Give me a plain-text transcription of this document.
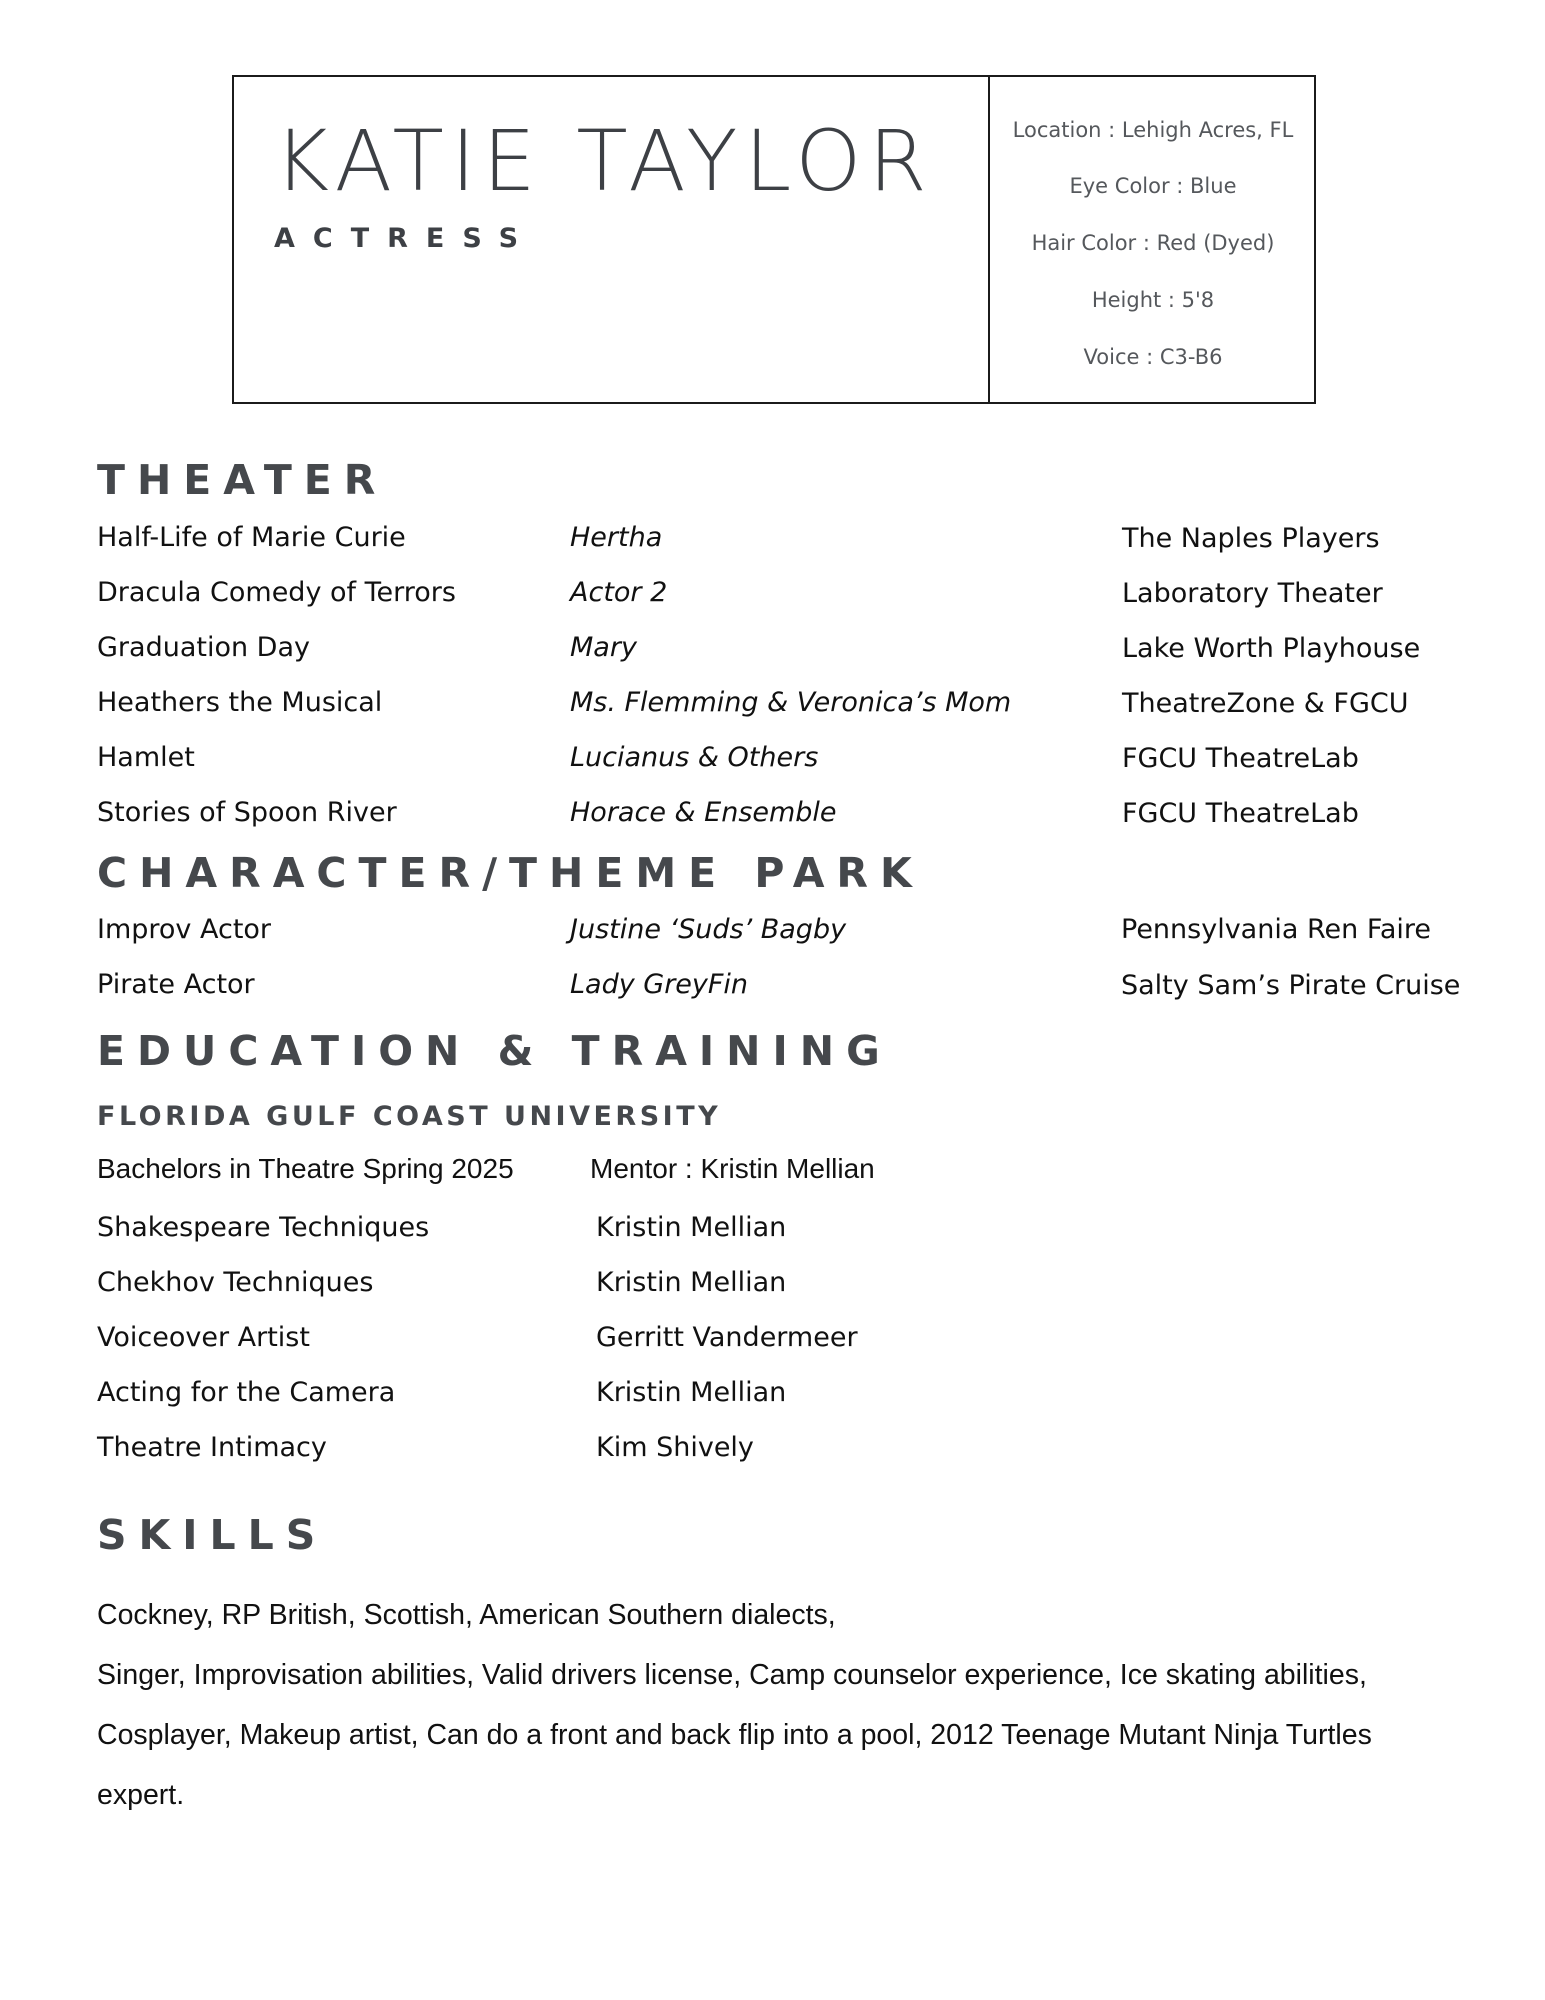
KATIE TAYLOR
ACTRESS
Location : Lehigh Acres, FL
Eye Color : Blue
Hair Color : Red (Dyed)
Height : 5'8
Voice : C3-B6
THEATER
Half-Life of Marie Curie	Hertha	The Naples Players
Dracula Comedy of Terrors	Actor 2	Laboratory Theater
Graduation Day	Mary	Lake Worth Playhouse
Heathers the Musical	Ms. Flemming & Veronica’s Mom	TheatreZone & FGCU
Hamlet	Lucianus & Others	FGCU TheatreLab
Stories of Spoon River	Horace & Ensemble	FGCU TheatreLab
CHARACTER/THEME PARK
Improv Actor	Justine ‘Suds’ Bagby	Pennsylvania Ren Faire
Pirate Actor	Lady GreyFin	Salty Sam’s Pirate Cruise
EDUCATION & TRAINING
FLORIDA GULF COAST UNIVERSITY
Bachelors in Theatre Spring 2025	Mentor : Kristin Mellian
Shakespeare Techniques	Kristin Mellian
Chekhov Techniques	Kristin Mellian
Voiceover Artist	Gerritt Vandermeer
Acting for the Camera	Kristin Mellian
Theatre Intimacy	Kim Shively
SKILLS
Cockney, RP British, Scottish, American Southern dialects,
Singer, Improvisation abilities, Valid drivers license, Camp counselor experience, Ice skating abilities,
Cosplayer, Makeup artist, Can do a front and back flip into a pool, 2012 Teenage Mutant Ninja Turtles
expert.
